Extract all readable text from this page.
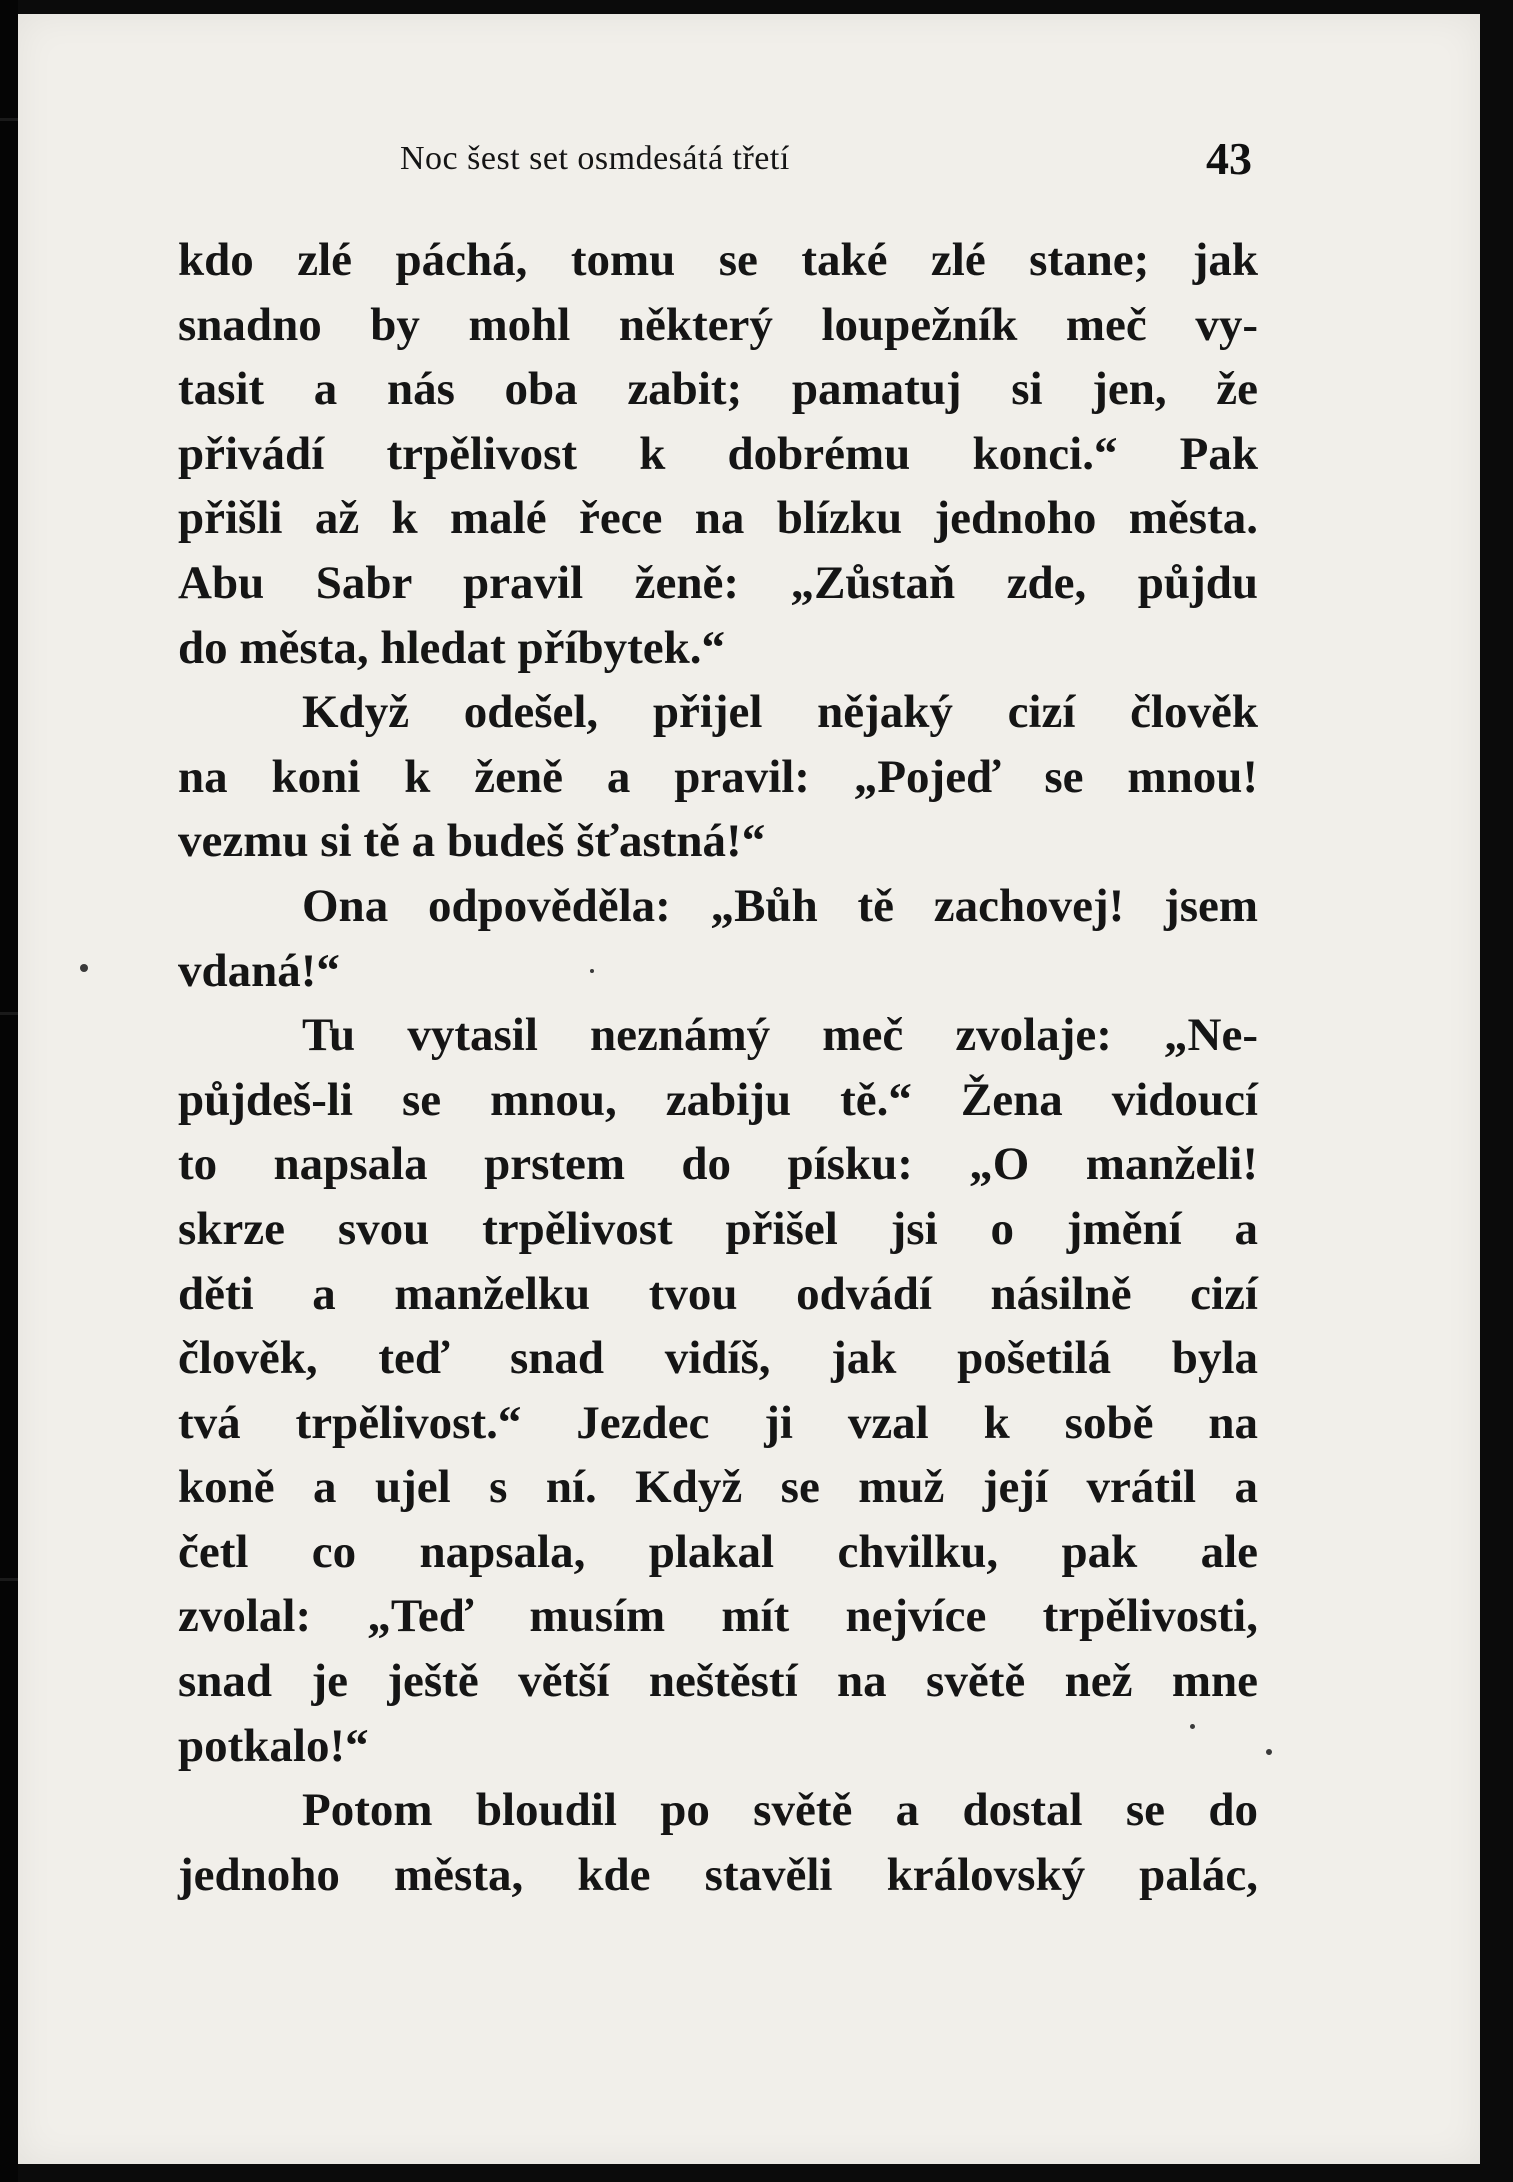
Noc šest set osmdesátá třetí	43
kdo zlé páchá, tomu se také zlé stane; jak
snadno by mohl některý loupežník meč vy-
tasit a nás oba zabit; pamatuj si jen, že
přivádí trpělivost k dobrému konci.“ Pak
přišli až k malé řece na blízku jednoho města.
Abu Sabr pravil ženě: „Zůstaň zde, půjdu
do města, hledat příbytek.“
Když odešel, přijel nějaký cizí člověk
na koni k ženě a pravil: „Pojeď se mnou!
vezmu si tě a budeš šťastná!“
Ona odpověděla: „Bůh tě zachovej! jsem
vdaná!“
Tu vytasil neznámý meč zvolaje: „Ne-
půjdeš-li se mnou, zabiju tě.“ Žena vidoucí
to napsala prstem do písku: „O manželi!
skrze svou trpělivost přišel jsi o jmění a
děti a manželku tvou odvádí násilně cizí
člověk, teď snad vidíš, jak pošetilá byla
tvá trpělivost.“ Jezdec ji vzal k sobě na
koně a ujel s ní. Když se muž její vrátil a
četl co napsala, plakal chvilku, pak ale
zvolal: „Teď musím mít nejvíce trpělivosti,
snad je ještě větší neštěstí na světě než mne
potkalo!“
Potom bloudil po světě a dostal se do
jednoho města, kde stavěli královský palác,
